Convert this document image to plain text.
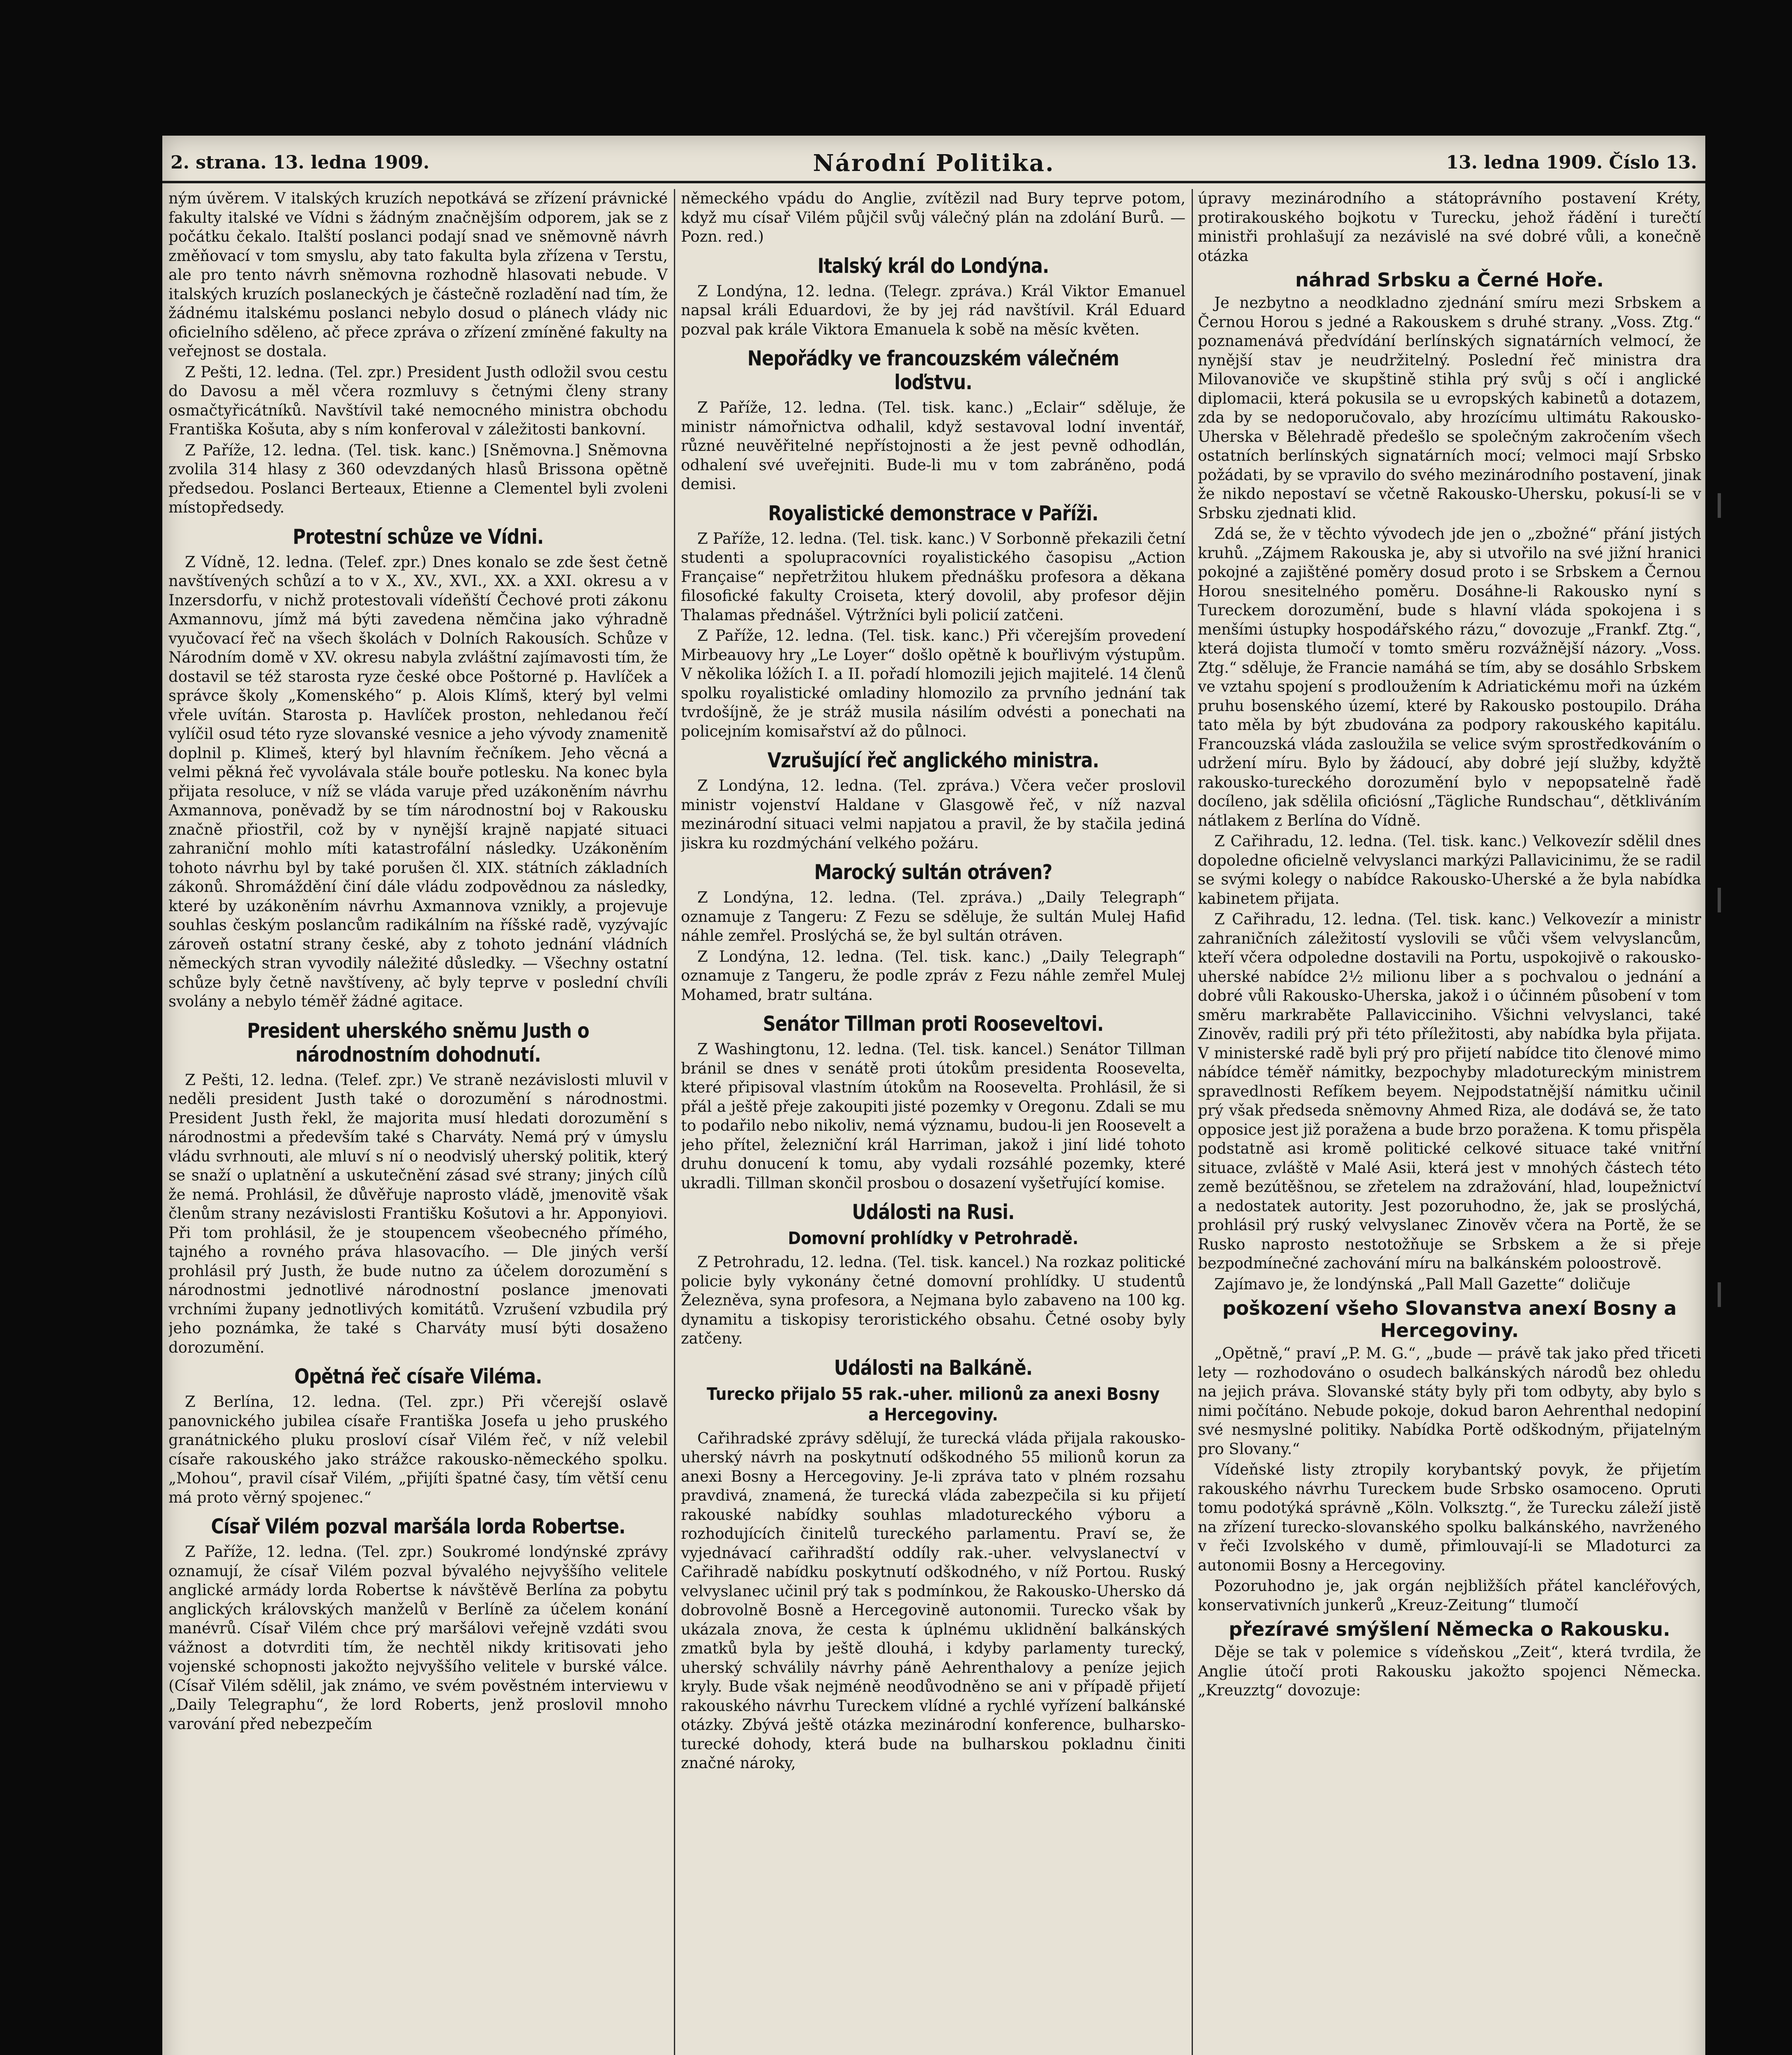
2. strana. 13. ledna 1909.	Národní Politika.	13. ledna 1909. Číslo 13.

ným úvěrem. V italských kruzích nepotkává se zřízení právnické fakulty italské ve Vídni s žádným značnějším odporem, jak se z počátku čekalo. Italští poslanci podají snad ve sněmovně návrh změňovací v tom smyslu, aby tato fakulta byla zřízena v Terstu, ale pro tento návrh sněmovna rozhodně hlasovati nebude. V italských kruzích poslaneckých je částečně rozladění nad tím, že žádnému italskému poslanci nebylo dosud o plánech vlády nic oficielního sděleno, ač přece zpráva o zřízení zmíněné fakulty na veřejnost se dostala.

Z Pešti, 12. ledna. (Tel. zpr.) President Justh odložil svou cestu do Davosu a měl včera rozmluvy s četnými členy strany osmačtyřicátníků. Navštívil také nemocného ministra obchodu Františka Košuta, aby s ním konferoval v záležitosti bankovní.

Z Paříže, 12. ledna. (Tel. tisk. kanc.) [Sněmovna.] Sněmovna zvolila 314 hlasy z 360 odevzdaných hlasů Brissona opětně předsedou. Poslanci Berteaux, Etienne a Clementel byli zvoleni místopředsedy.

Protestní schůze ve Vídni.

Z Vídně, 12. ledna. (Telef. zpr.) Dnes konalo se zde šest četně navštívených schůzí a to v X., XV., XVI., XX. a XXI. okresu a v Inzersdorfu, v nichž protestovali vídeňští Čechové proti zákonu Axmannovu, jímž má býti zavedena němčina jako výhradně vyučovací řeč na všech školách v Dolních Rakousích. Schůze v Národním domě v XV. okresu nabyla zvláštní zajímavosti tím, že dostavil se též starosta ryze české obce Poštorné p. Havlíček a správce školy „Komenského“ p. Alois Klímš, který byl velmi vřele uvítán. Starosta p. Havlíček proston, nehledanou řečí vylíčil osud této ryze slovanské vesnice a jeho vývody znamenitě doplnil p. Klimeš, který byl hlavním řečníkem. Jeho věcná a velmi pěkná řeč vyvolávala stále bouře potlesku. Na konec byla přijata resoluce, v níž se vláda varuje před uzákoněním návrhu Axmannova, poněvadž by se tím národnostní boj v Rakousku značně přiostřil, což by v nynější krajně napjaté situaci zahraniční mohlo míti katastrofální následky. Uzákoněním tohoto návrhu byl by také porušen čl. XIX. státních základních zákonů. Shromáždění činí dále vládu zodpovědnou za následky, které by uzákoněním návrhu Axmannova vznikly, a projevuje souhlas českým poslancům radikálním na říšské radě, vyzývajíc zároveň ostatní strany české, aby z tohoto jednání vládních německých stran vyvodily náležité důsledky. — Všechny ostatní schůze byly četně navštíveny, ač byly teprve v poslední chvíli svolány a nebylo téměř žádné agitace.

President uherského sněmu Justh o národnostním dohodnutí.

Z Pešti, 12. ledna. (Telef. zpr.) Ve straně nezávislosti mluvil v neděli president Justh také o dorozumění s národnostmi. President Justh řekl, že majorita musí hledati dorozumění s národnostmi a především také s Charváty. Nemá prý v úmyslu vládu svrhnouti, ale mluví s ní o neodvislý uherský politik, který se snaží o uplatnění a uskutečnění zásad své strany; jiných cílů že nemá. Prohlásil, že důvěřuje naprosto vládě, jmenovitě však členům strany nezávislosti Františku Košutovi a hr. Apponyiovi. Při tom prohlásil, že je stoupencem všeobecného přímého, tajného a rovného práva hlasovacího. — Dle jiných verší prohlásil prý Justh, že bude nutno za účelem dorozumění s národnostmi jednotlivé národnostní poslance jmenovati vrchními župany jednotlivých komitátů. Vzrušení vzbudila prý jeho poznámka, že také s Charváty musí býti dosaženo dorozumění.

Opětná řeč císaře Viléma.

Z Berlína, 12. ledna. (Tel. zpr.) Při včerejší oslavě panovnického jubilea císaře Františka Josefa u jeho pruského granátnického pluku prosloví císař Vilém řeč, v níž velebil císaře rakouského jako strážce rakousko-německého spolku. „Mohou“, pravil císař Vilém, „přijíti špatné časy, tím větší cenu má proto věrný spojenec.“

Císař Vilém pozval maršála lorda Robertse.

Z Paříže, 12. ledna. (Tel. zpr.) Soukromé londýnské zprávy oznamují, že císař Vilém pozval bývalého nejvyššího velitele anglické armády lorda Robertse k návštěvě Berlína za pobytu anglických královských manželů v Berlíně za účelem konání manévrů. Císař Vilém chce prý maršálovi veřejně vzdáti svou vážnost a dotvrditi tím, že nechtěl nikdy kritisovati jeho vojenské schopnosti jakožto nejvyššího velitele v burské válce. (Císař Vilém sdělil, jak známo, ve svém pověstném interviewu v „Daily Telegraphu“, že lord Roberts, jenž proslovil mnoho varování před nebezpečím

německého vpádu do Anglie, zvítězil nad Bury teprve potom, když mu císař Vilém půjčil svůj válečný plán na zdolání Burů. — Pozn. red.)

Italský král do Londýna.

Z Londýna, 12. ledna. (Telegr. zpráva.) Král Viktor Emanuel napsal králi Eduardovi, že by jej rád navštívil. Král Eduard pozval pak krále Viktora Emanuela k sobě na měsíc květen.

Nepořádky ve francouzském válečném loďstvu.

Z Paříže, 12. ledna. (Tel. tisk. kanc.) „Eclair“ sděluje, že ministr námořnictva odhalil, když sestavoval lodní inventář, různé neuvěřitelné nepřístojnosti a že jest pevně odhodlán, odhalení své uveřejniti. Bude-li mu v tom zabráněno, podá demisi.

Royalistické demonstrace v Paříži.

Z Paříže, 12. ledna. (Tel. tisk. kanc.) V Sorbonně překazili četní studenti a spolupracovníci royalistického časopisu „Action Française“ nepřetržitou hlukem přednášku profesora a děkana filosofické fakulty Croiseta, který dovolil, aby profesor dějin Thalamas přednášel. Výtržníci byli policií zatčeni.

Z Paříže, 12. ledna. (Tel. tisk. kanc.) Při včerejším provedení Mirbeauovy hry „Le Loyer“ došlo opětně k bouřlivým výstupům. V několika lóžích I. a II. pořadí hlomozili jejich majitelé. 14 členů spolku royalistické omladiny hlomozilo za prvního jednání tak tvrdošíjně, že je stráž musila násilím odvésti a ponechati na policejním komisařství až do půlnoci.

Vzrušující řeč anglického ministra.

Z Londýna, 12. ledna. (Tel. zpráva.) Včera večer proslovil ministr vojenství Haldane v Glasgowě řeč, v níž nazval mezinárodní situaci velmi napjatou a pravil, že by stačila jediná jiskra ku rozdmýchání velkého požáru.

Marocký sultán otráven?

Z Londýna, 12. ledna. (Tel. zpráva.) „Daily Telegraph“ oznamuje z Tangeru: Z Fezu se sděluje, že sultán Mulej Hafid náhle zemřel. Proslýchá se, že byl sultán otráven.

Z Londýna, 12. ledna. (Tel. tisk. kanc.) „Daily Telegraph“ oznamuje z Tangeru, že podle zpráv z Fezu náhle zemřel Mulej Mohamed, bratr sultána.

Senátor Tillman proti Rooseveltovi.

Z Washingtonu, 12. ledna. (Tel. tisk. kancel.) Senátor Tillman bránil se dnes v senátě proti útokům presidenta Roosevelta, které připisoval vlastním útokům na Roosevelta. Prohlásil, že si přál a ještě přeje zakoupiti jisté pozemky v Oregonu. Zdali se mu to podařilo nebo nikoliv, nemá významu, budou-li jen Roosevelt a jeho přítel, železniční král Harriman, jakož i jiní lidé tohoto druhu donucení k tomu, aby vydali rozsáhlé pozemky, které ukradli. Tillman skončil prosbou o dosazení vyšetřující komise.

Události na Rusi.
Domovní prohlídky v Petrohradě.

Z Petrohradu, 12. ledna. (Tel. tisk. kancel.) Na rozkaz politické policie byly vykonány četné domovní prohlídky. U studentů Železněva, syna profesora, a Nejmana bylo zabaveno na 100 kg. dynamitu a tiskopisy teroristického obsahu. Četné osoby byly zatčeny.

Události na Balkáně.
Turecko přijalo 55 rak.-uher. milionů za anexi Bosny a Hercegoviny.

Cařihradské zprávy sdělují, že turecká vláda přijala rakousko-uherský návrh na poskytnutí odškodného 55 milionů korun za anexi Bosny a Hercegoviny. Je-li zpráva tato v plném rozsahu pravdivá, znamená, že turecká vláda zabezpečila si ku přijetí rakouské nabídky souhlas mladotureckého výboru a rozhodujících činitelů tureckého parlamentu. Praví se, že vyjednávací cařihradští oddíly rak.-uher. velvyslanectví v Cařihradě nabídku poskytnutí odškodného, v níž Portou. Ruský velvyslanec učinil prý tak s podmínkou, že Rakousko-Uhersko dá dobrovolně Bosně a Hercegovině autonomii. Turecko však by ukázala znova, že cesta k úplnému uklidnění balkánských zmatků byla by ještě dlouhá, i kdyby parlamenty turecký, uherský schválily návrhy páně Aehrenthalovy a peníze jejich kryly. Bude však nejméně neodůvodněno se ani v případě přijetí rakouského návrhu Tureckem vlídné a rychlé vyřízení balkánské otázky. Zbývá ještě otázka mezinárodní konference, bulharsko-turecké dohody, která bude na bulharskou pokladnu činiti značné nároky,

úpravy mezinárodního a státoprávního postavení Kréty, protirakouského bojkotu v Turecku, jehož řádění i turečtí ministři prohlašují za nezávislé na své dobré vůli, a konečně otázka

náhrad Srbsku a Černé Hoře.

Je nezbytno a neodkladno zjednání smíru mezi Srbskem a Černou Horou s jedné a Rakouskem s druhé strany. „Voss. Ztg.“ poznamenává předvídání berlínských signatárních velmocí, že nynější stav je neudržitelný. Poslední řeč ministra dra Milovanoviče ve skupštině stihla prý svůj s očí i anglické diplomacii, která pokusila se u evropských kabinetů a dotazem, zda by se nedoporučovalo, aby hrozícímu ultimátu Rakousko-Uherska v Bělehradě předešlo se společným zakročením všech ostatních berlínských signatárních mocí; velmoci mají Srbsko požádati, by se vpravilo do svého mezinárodního postavení, jinak že nikdo nepostaví se včetně Rakousko-Uhersku, pokusí-li se v Srbsku zjednati klid.

Zdá se, že v těchto vývodech jde jen o „zbožné“ přání jistých kruhů. „Zájmem Rakouska je, aby si utvořilo na své jižní hranici pokojné a zajištěné poměry dosud proto i se Srbskem a Černou Horou snesitelného poměru. Dosáhne-li Rakousko nyní s Tureckem dorozumění, bude s hlavní vláda spokojena i s menšími ústupky hospodářského rázu,“ dovozuje „Frankf. Ztg.“, která dojista tlumočí v tomto směru rozvážnější názory. „Voss. Ztg.“ sděluje, že Francie namáhá se tím, aby se dosáhlo Srbskem ve vztahu spojení s prodloužením k Adriatickému moři na úzkém pruhu bosenského území, které by Rakousko postoupilo. Dráha tato měla by být zbudována za podpory rakouského kapitálu. Francouzská vláda zasloužila se velice svým sprostředkováním o udržení míru. Bylo by žádoucí, aby dobré její služby, kdyžtě rakousko-tureckého dorozumění bylo v nepopsatelně řadě docíleno, jak sdělila oficiósní „Tägliche Rundschau“, dětkliváním nátlakem z Berlína do Vídně.

Z Cařihradu, 12. ledna. (Tel. tisk. kanc.) Velkovezír sdělil dnes dopoledne oficielně velvyslanci markýzi Pallavicinimu, že se radil se svými kolegy o nabídce Rakousko-Uherské a že byla nabídka kabinetem přijata.

Z Cařihradu, 12. ledna. (Tel. tisk. kanc.) Velkovezír a ministr zahraničních záležitostí vyslovili se vůči všem velvyslancům, kteří včera odpoledne dostavili na Portu, uspokojivě o rakousko-uherské nabídce 2½ milionu liber a s pochvalou o jednání a dobré vůli Rakousko-Uherska, jakož i o účinném působení v tom směru markraběte Pallavicciniho. Všichni velvyslanci, také Zinověv, radili prý při této příležitosti, aby nabídka byla přijata. V ministerské radě byli prý pro přijetí nabídce tito členové mimo nábídce téměř námitky, bezpochyby mladotureckým ministrem spravedlnosti Refíkem beyem. Nejpodstatnější námitku učinil prý však předseda sněmovny Ahmed Riza, ale dodává se, že tato opposice jest již poražena a bude brzo poražena. K tomu přispěla podstatně asi kromě politické celkové situace také vnitřní situace, zvláště v Malé Asii, která jest v mnohých částech této země bezútěšnou, se zřetelem na zdražování, hlad, loupežnictví a nedostatek autority. Jest pozoruhodno, že, jak se proslýchá, prohlásil prý ruský velvyslanec Zinověv včera na Portě, že se Rusko naprosto nestotožňuje se Srbskem a že si přeje bezpodmínečné zachování míru na balkánském poloostrově.

Zajímavo je, že londýnská „Pall Mall Gazette“ doličuje

poškození všeho Slovanstva anexí Bosny a Hercegoviny.

„Opětně,“ praví „P. M. G.“, „bude — právě tak jako před třiceti lety — rozhodováno o osudech balkánských národů bez ohledu na jejich práva. Slovanské státy byly při tom odbyty, aby bylo s nimi počítáno. Nebude pokoje, dokud baron Aehrenthal nedopiní své nesmyslné politiky. Nabídka Portě odškodným, přijatelným pro Slovany.“

Vídeňské listy ztropily korybantský povyk, že přijetím rakouského návrhu Tureckem bude Srbsko osamoceno. Opruti tomu podotýká správně „Köln. Volksztg.“, že Turecku záleží jistě na zřízení turecko-slovanského spolku balkánského, navrženého v řeči Izvolského v dumě, přimlouvají-li se Mladoturci za autonomii Bosny a Hercegoviny.

Pozoruhodno je, jak orgán nejbližších přátel kancléřových, konservativních junkerů „Kreuz-Zeitung“ tlumočí

přezíravé smýšlení Německa o Rakousku.

Děje se tak v polemice s vídeňskou „Zeit“, která tvrdila, že Anglie útočí proti Rakousku jakožto spojenci Německa. „Kreuzztg“ dovozuje:
